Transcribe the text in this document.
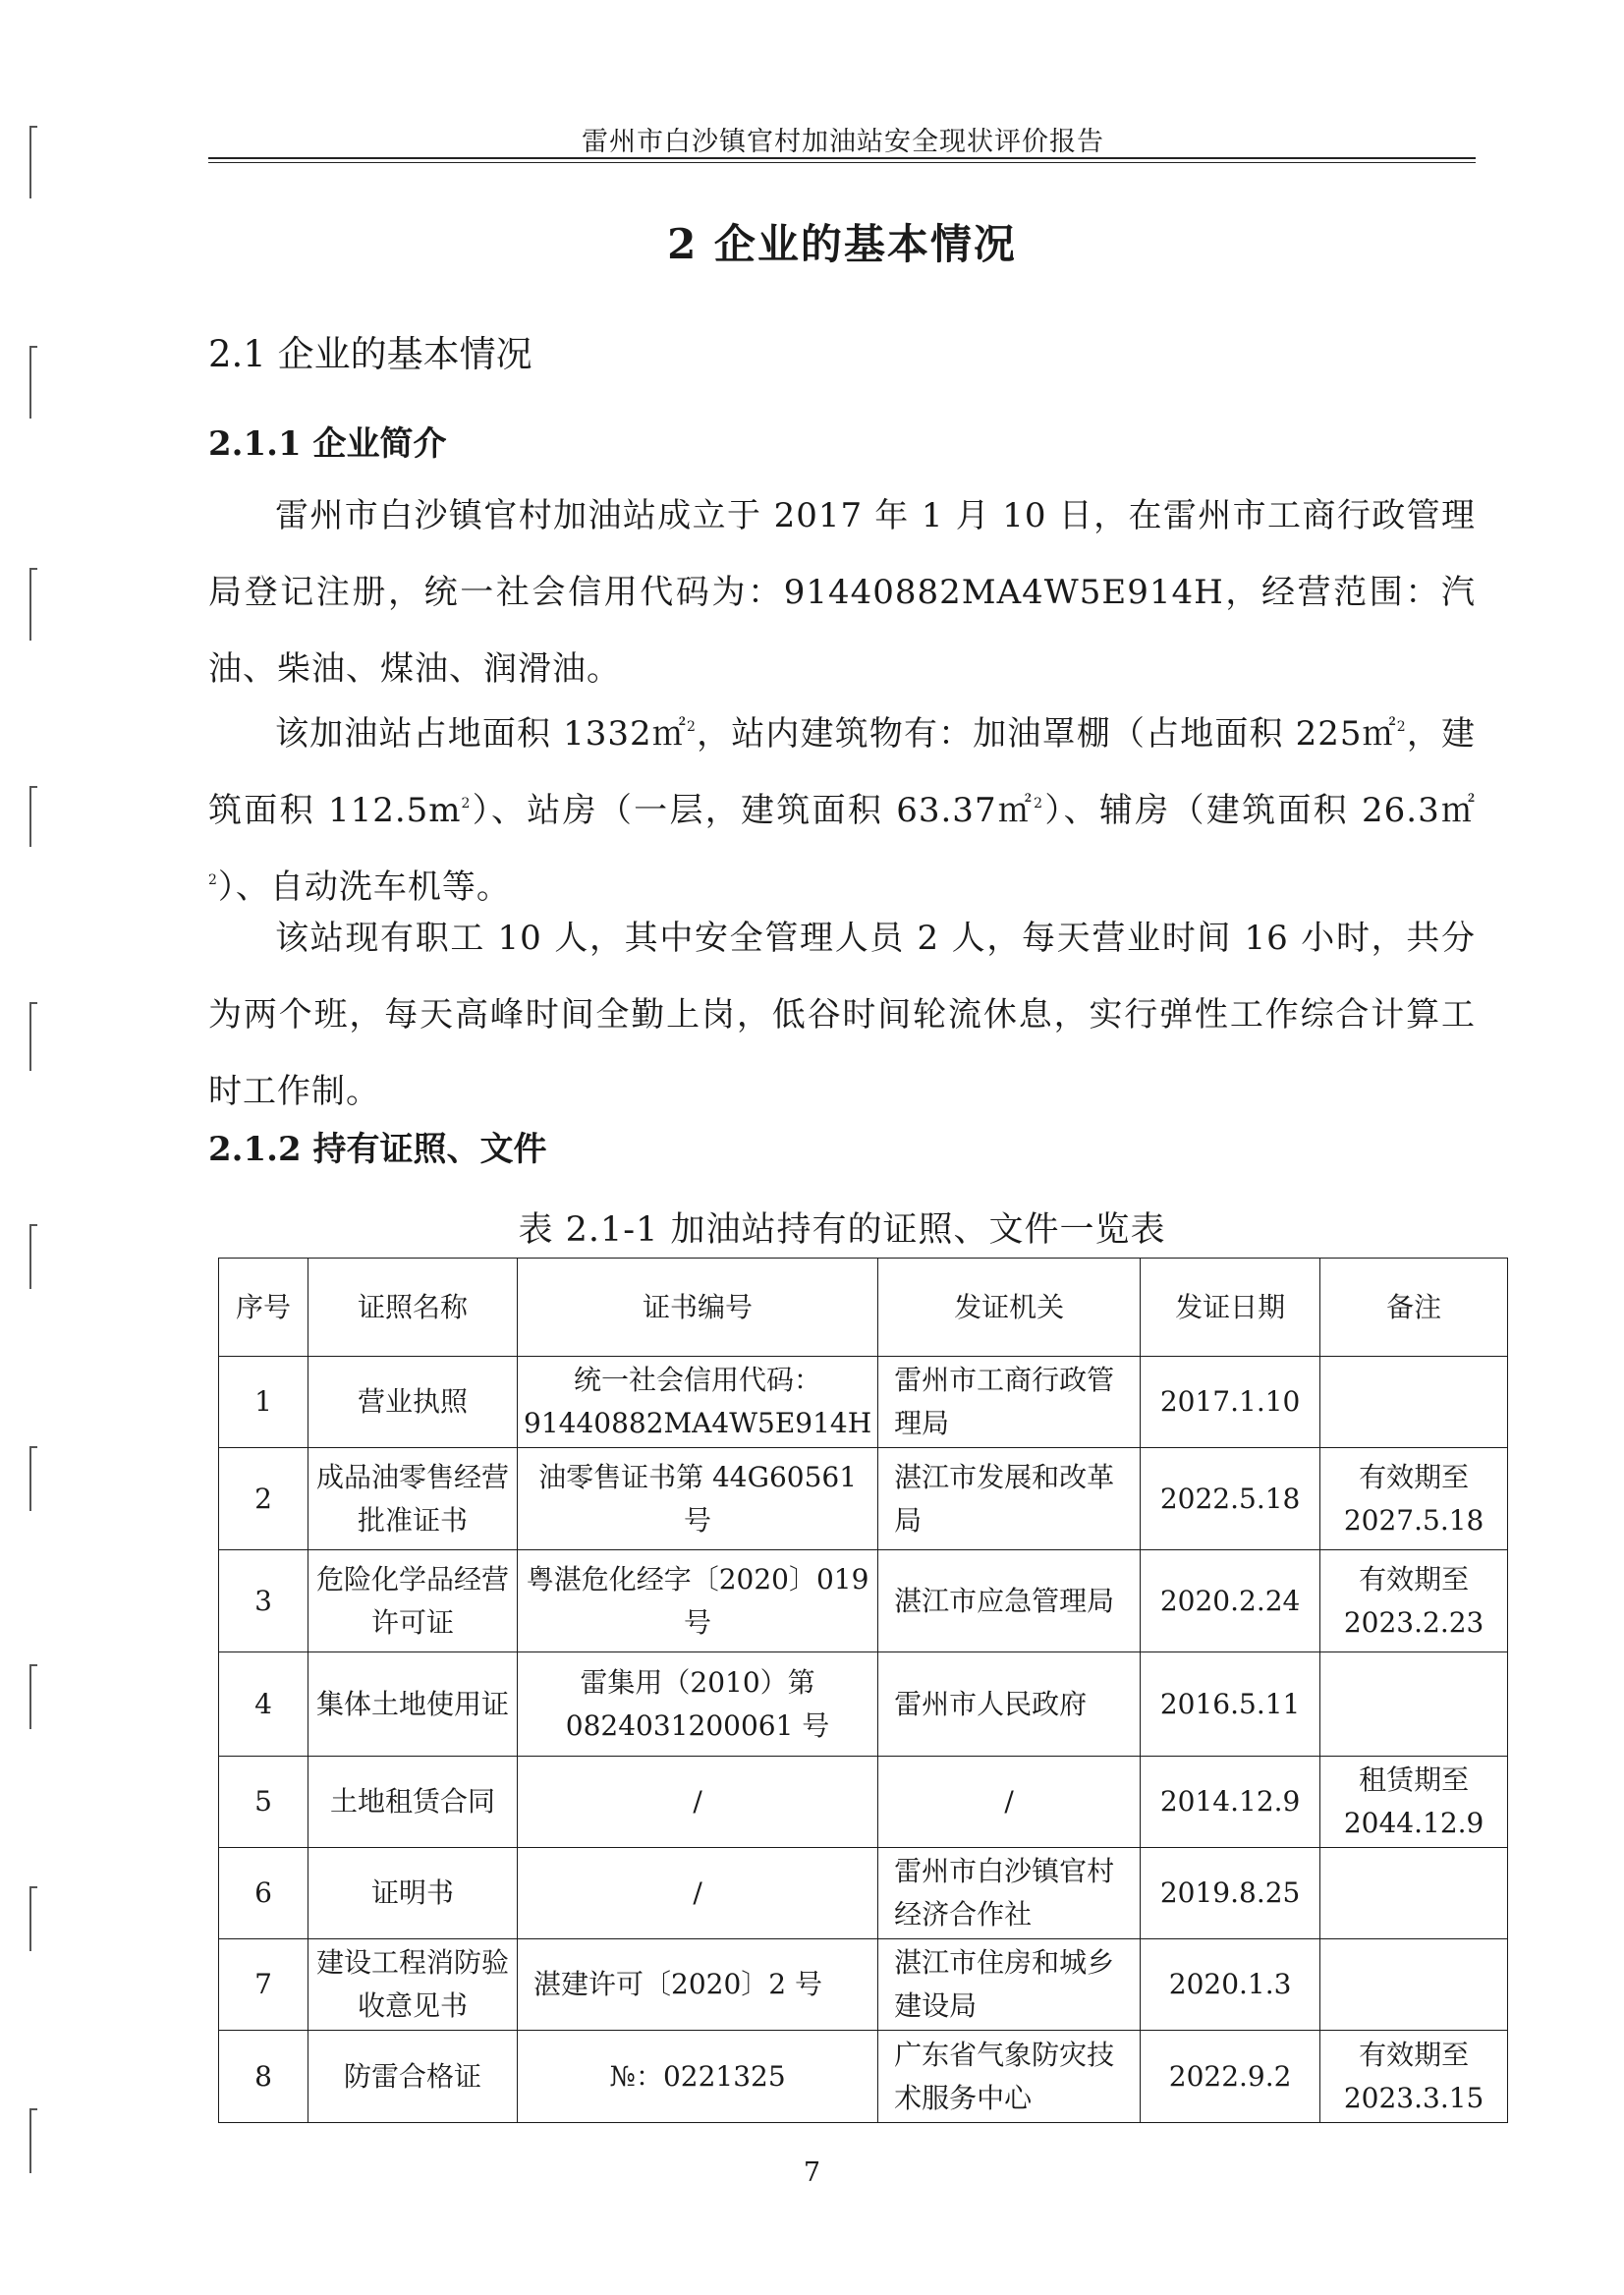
雷州市白沙镇官村加油站安全现状评价报告
2 企业的基本情况
2.1 企业的基本情况
2.1.1 企业简介

雷州市白沙镇官村加油站成立于 2017 年 1 月 10 日，在雷州市工商行政管理局登记注册，统一社会信用代码为：91440882MA4W5E914H，经营范围：汽油、柴油、煤油、润滑油。

该加油站占地面积 1332㎡$^2$，站内建筑物有：加油罩棚（占地面积 225㎡$^2$，建筑面积 $112.5m^2$）、站房（一层，建筑面积 63.37㎡$^2$）、辅房（建筑面积 26.3㎡$^2$）、自动洗车机等。

该站现有职工 10 人，其中安全管理人员 2 人，每天营业时间 16 小时，共分为两个班，每天高峰时间全勤上岗，低谷时间轮流休息，实行弹性工作综合计算工时工作制。

2.1.2 持有证照、文件
表 2.1-1 加油站持有的证照、文件一览表
序号	证照名称	证书编号	发证机关	发证日期	备注
1	营业执照	统一社会信用代码：91440882MA4W5E914H	雷州市工商行政管理局	2017.1.10	
2	成品油零售经营批准证书	油零售证书第 44G60561 号	湛江市发展和改革局	2022.5.18	有效期至 2027.5.18
3	危险化学品经营许可证	粤湛危化经字〔2020〕019 号	湛江市应急管理局	2020.2.24	有效期至 2023.2.23
4	集体土地使用证	雷集用（2010）第 0824031200061 号	雷州市人民政府	2016.5.11	
5	土地租赁合同	/	/	2014.12.9	租赁期至 2044.12.9
6	证明书	/	雷州市白沙镇官村经济合作社	2019.8.25	
7	建设工程消防验收意见书	湛建许可〔2020〕2 号	湛江市住房和城乡建设局	2020.1.3	
8	防雷合格证	№：0221325	广东省气象防灾技术服务中心	2022.9.2	有效期至 2023.3.15
7
